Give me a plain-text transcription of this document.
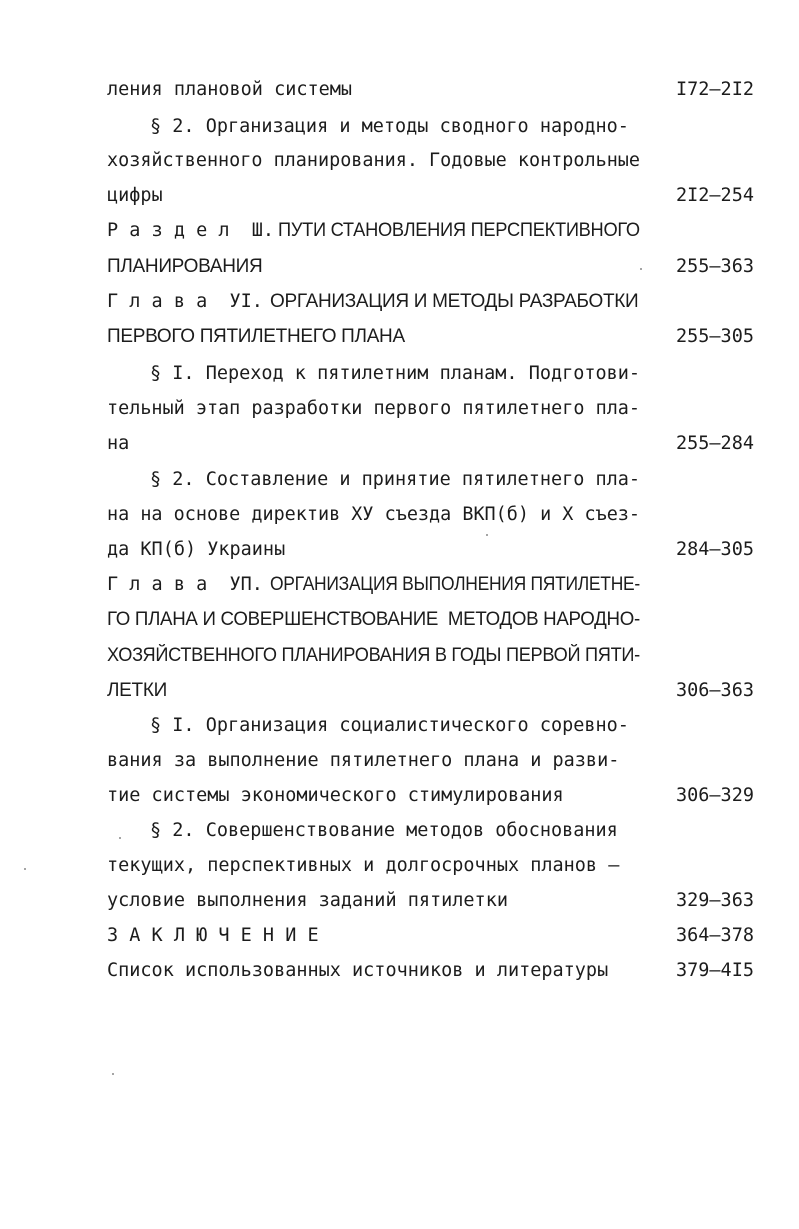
ления плановой системы	I72–2I2
§ 2. Организация и методы сводного народно-
хозяйственного планирования. Годовые контрольные
цифры	2I2–254
Р а з д е л  Ш. ПУТИ СТАНОВЛЕНИЯ ПЕРСПЕКТИВНОГО
ПЛАНИРОВАНИЯ	255–363
Г л а в а  УI. ОРГАНИЗАЦИЯ И МЕТОДЫ РАЗРАБОТКИ
ПЕРВОГО ПЯТИЛЕТНЕГО ПЛАНА	255–305
§ I. Переход к пятилетним планам. Подготови-
тельный этап разработки первого пятилетнего пла-
на	255–284
§ 2. Составление и принятие пятилетнего пла-
на на основе директив ХУ съезда ВКП(б) и Х съез-
да КП(б) Украины	284–305
Г л а в а  УП. ОРГАНИЗАЦИЯ ВЫПОЛНЕНИЯ ПЯТИЛЕТНЕ-
ГО ПЛАНА И СОВЕРШЕНСТВОВАНИЕ  МЕТОДОВ НАРОДНО-
ХОЗЯЙСТВЕННОГО ПЛАНИРОВАНИЯ В ГОДЫ ПЕРВОЙ ПЯТИ-
ЛЕТКИ	306–363
§ I. Организация социалистического соревно-
вания за выполнение пятилетнего плана и разви-
тие системы экономического стимулирования	306–329
§ 2. Совершенствование методов обоснования
текущих, перспективных и долгосрочных планов –
условие выполнения заданий пятилетки	329–363
З А К Л Ю Ч Е Н И Е	364–378
Список использованных источников и литературы	379–4I5
